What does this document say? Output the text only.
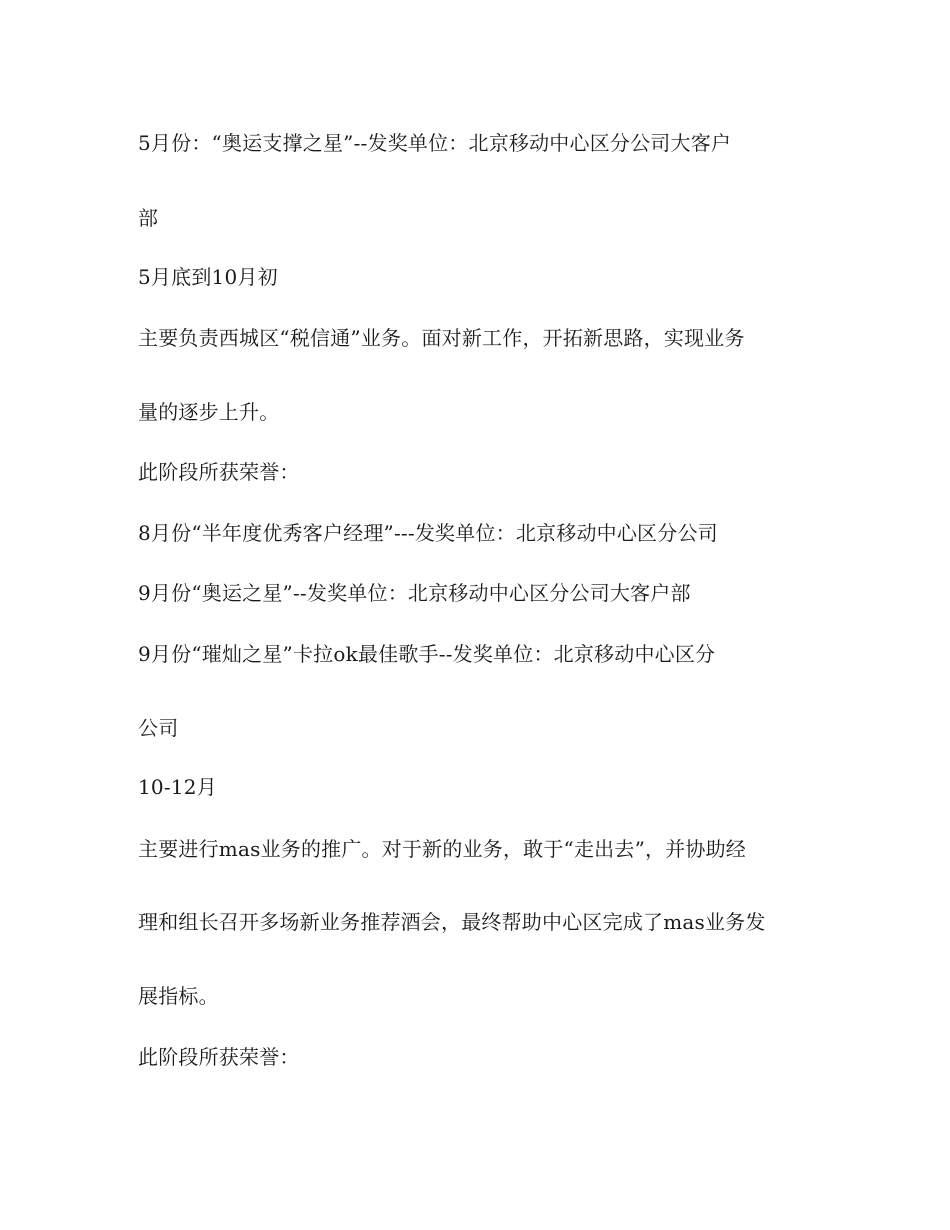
5月份：“奥运支撑之星”--发奖单位：北京移动中心区分公司大客户
部
5月底到10月初
主要负责西城区“税信通”业务。面对新工作，开拓新思路，实现业务
量的逐步上升。
此阶段所获荣誉：
8月份“半年度优秀客户经理”---发奖单位：北京移动中心区分公司
9月份“奥运之星”--发奖单位：北京移动中心区分公司大客户部
9月份“璀灿之星”卡拉ok最佳歌手--发奖单位：北京移动中心区分
公司
10-12月
主要进行mas业务的推广。对于新的业务，敢于“走出去”，并协助经
理和组长召开多场新业务推荐酒会，最终帮助中心区完成了mas业务发
展指标。
此阶段所获荣誉：
